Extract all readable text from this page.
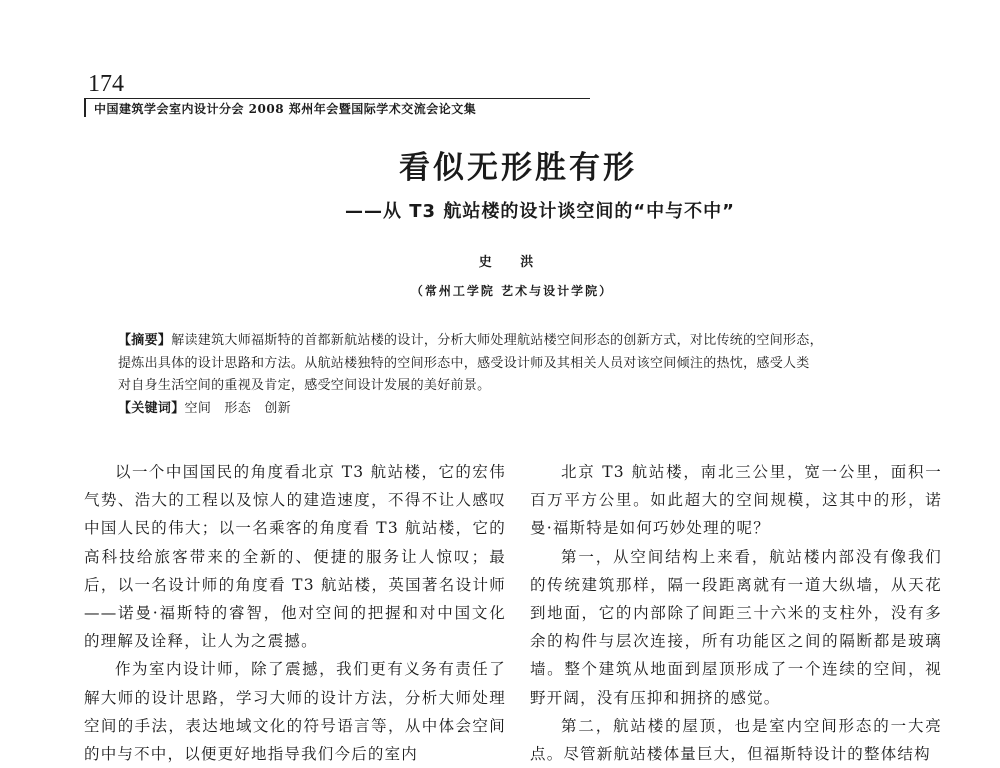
174
中国建筑学会室内设计分会 2008 郑州年会暨国际学术交流会论文集
看似无形胜有形
——从 T3 航站楼的设计谈空间的“中与不中”
史 洪
（常州工学院 艺术与设计学院）

【摘要】解读建筑大师福斯特的首都新航站楼的设计，分析大师处理航站楼空间形态的创新方式，对比传统的空间形态，

提炼出具体的设计思路和方法。从航站楼独特的空间形态中，感受设计师及其相关人员对该空间倾注的热忱，感受人类

对自身生活空间的重视及肯定，感受空间设计发展的美好前景。

【关键词】空间　形态　创新

以一个中国国民的角度看北京 T3 航站楼，它的宏伟气势、浩大的工程以及惊人的建造速度，不得不让人感叹中国人民的伟大；以一名乘客的角度看 T3 航站楼，它的高科技给旅客带来的全新的、便捷的服务让人惊叹；最后，以一名设计师的角度看 T3 航站楼，英国著名设计师——诺曼·福斯特的睿智，他对空间的把握和对中国文化的理解及诠释，让人为之震撼。

作为室内设计师，除了震撼，我们更有义务有责任了解大师的设计思路，学习大师的设计方法，分析大师处理空间的手法，表达地域文化的符号语言等，从中体会空间的中与不中，以便更好地指导我们今后的室内

北京 T3 航站楼，南北三公里，宽一公里，面积一百万平方公里。如此超大的空间规模，这其中的形，诺曼·福斯特是如何巧妙处理的呢？

第一，从空间结构上来看，航站楼内部没有像我们的传统建筑那样，隔一段距离就有一道大纵墙，从天花到地面，它的内部除了间距三十六米的支柱外，没有多余的构件与层次连接，所有功能区之间的隔断都是玻璃墙。整个建筑从地面到屋顶形成了一个连续的空间，视野开阔，没有压抑和拥挤的感觉。

第二，航站楼的屋顶，也是室内空间形态的一大亮点。尽管新航站楼体量巨大，但福斯特设计的整体结构
